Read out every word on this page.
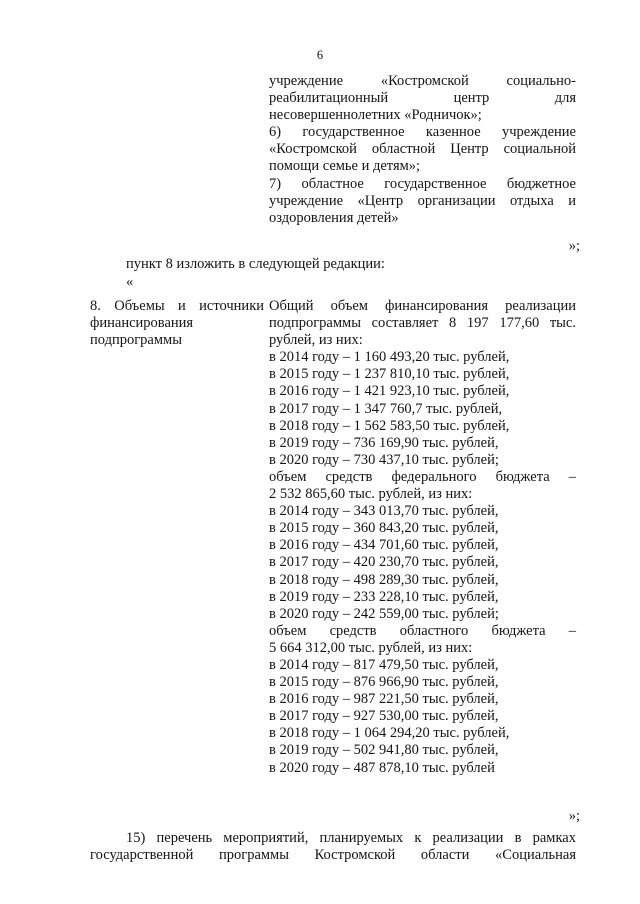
6
учреждение «Костромской социально-
реабилитационный центр для
несовершеннолетних «Родничок»;
6) государственное казенное учреждение
«Костромской областной Центр социальной
помощи семье и детям»;
7) областное государственное бюджетное
учреждение «Центр организации отдыха и
оздоровления детей»
»;
пункт 8 изложить в следующей редакции:
«
8. Объемы и источники
финансирования
подпрограммы
Общий объем финансирования реализации
подпрограммы составляет 8 197 177,60 тыс.
рублей, из них:
в 2014 году – 1 160 493,20 тыс. рублей,
в 2015 году – 1 237 810,10 тыс. рублей,
в 2016 году – 1 421 923,10 тыс. рублей,
в 2017 году – 1 347 760,7 тыс. рублей,
в 2018 году – 1 562 583,50 тыс. рублей,
в 2019 году – 736 169,90 тыс. рублей,
в 2020 году – 730 437,10 тыс. рублей;
объем средств федерального бюджета –
2 532 865,60 тыс. рублей, из них:
в 2014 году – 343 013,70 тыс. рублей,
в 2015 году – 360 843,20 тыс. рублей,
в 2016 году – 434 701,60 тыс. рублей,
в 2017 году – 420 230,70 тыс. рублей,
в 2018 году – 498 289,30 тыс. рублей,
в 2019 году – 233 228,10 тыс. рублей,
в 2020 году – 242 559,00 тыс. рублей;
объем средств областного бюджета –
5 664 312,00 тыс. рублей, из них:
в 2014 году – 817 479,50 тыс. рублей,
в 2015 году – 876 966,90 тыс. рублей,
в 2016 году – 987 221,50 тыс. рублей,
в 2017 году – 927 530,00 тыс. рублей,
в 2018 году – 1 064 294,20 тыс. рублей,
в 2019 году – 502 941,80 тыс. рублей,
в 2020 году – 487 878,10 тыс. рублей
»;
15) перечень мероприятий, планируемых к реализации в рамках
государственной программы Костромской области «Социальная
